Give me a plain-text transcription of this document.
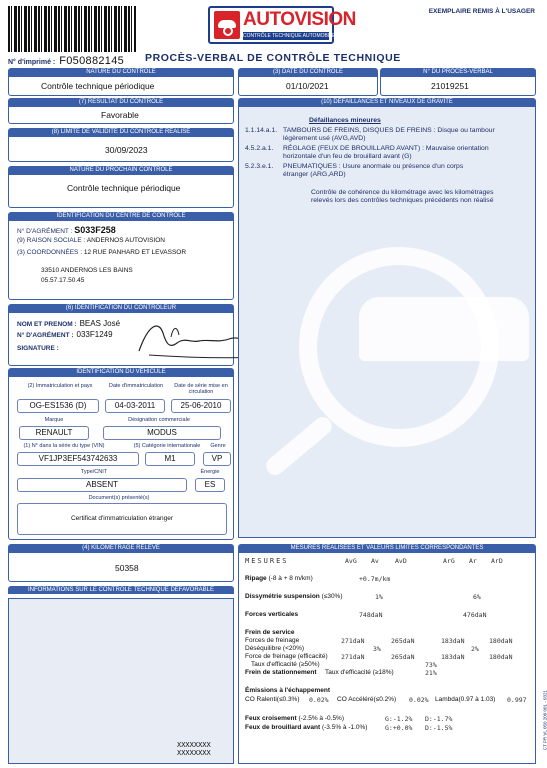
N° d'imprimé : F050882145
AUTOVISION
CONTRÔLE TECHNIQUE AUTOMOBILE
EXEMPLAIRE REMIS À L'USAGER
PROCÈS-VERBAL DE CONTRÔLE TECHNIQUE
NATURE DU CONTRÔLE
Contrôle technique périodique
(3) DATE DU CONTRÔLE
01/10/2021
N° DU PROCÈS-VERBAL
21019251
(7) RÉSULTAT DU CONTRÔLE
Favorable
(8) LIMITE DE VALIDITÉ DU CONTRÔLE RÉALISÉ
30/09/2023
NATURE DU PROCHAIN CONTRÔLE
Contrôle technique périodique
IDENTIFICATION DU CENTRE DE CONTRÔLE
N° D'AGRÉMENT : S033F258
(9) RAISON SOCIALE : ANDERNOS AUTOVISION
(3) COORDONNÉES : 12 RUE PANHARD ET LEVASSOR
33510 ANDERNOS LES BAINS
05.57.17.50.45
(6) IDENTIFICATION DU CONTRÔLEUR
NOM ET PRENOM : BEAS José
N° D'AGRÉMENT : 033F1249
SIGNATURE :
IDENTIFICATION DU VÉHICULE
(2) Immatriculation et pays	Date d'immatriculation	Date de série mise en circulation
OG-ES1536 (D)	04-03-2011	25-06-2010
Marque	Désignation commerciale
RENAULT	MODUS
(1) N° dans la série du type (VIN)	(5) Catégorie internationale	Genre
VF1JP3EF543742633	M1	VP
Type/CNIT	Énergie
ABSENT	ES
Document(s) présenté(s)
Certificat d'immatriculation étranger
(4) KILOMÉTRAGE RELEVÉ
50358
INFORMATIONS SUR LE CONTRÔLE TECHNIQUE DÉFAVORABLE
XXXXXXXX
XXXXXXXX
(10) DÉFAILLANCES ET NIVEAUX DE GRAVITÉ
Défaillances mineures
1.1.14.a.1. TAMBOURS DE FREINS, DISQUES DE FREINS : Disque ou tambour
légèrement usé (AVG,AVD)
4.5.2.a.1. RÉGLAGE (FEUX DE BROUILLARD AVANT) : Mauvaise orientation
horizontale d'un feu de brouillard avant (G)
5.2.3.e.1. PNEUMATIQUES : Usure anormale ou présence d'un corps
étranger (ARG,ARD)
Contrôle de cohérence du kilométrage avec les kilométrages
relevés lors des contrôles techniques précédents non réalisé
MESURES RÉALISÉES ET VALEURS LIMITES CORRESPONDANTES
MESURES	AvG Av AvD	ArG Ar ArD
Ripage (-8 à + 8 m/km)	+0.7m/km
Dissymétrie suspension (≤30%)	1%	6%
Forces verticales	748daN	476daN
Frein de service
Forces de freinage	271daN	265daN	183daN	180daN
Déséquilibre (<20%)	3%	2%
Force de freinage (efficacité) 271daN	265daN	183daN	180daN
Taux d'efficacité (≥50%)	73%
Frein de stationnement Taux d'efficacité (≥18%)	21%
Émissions à l'échappement
CO Ralenti(≤0.3%) 0.02% CO Accéléré(≤0.2%) 0.02% Lambda(0.97 à 1.03) 0.997
Feux croisement (-2.5% à -0.5%)	G:-1.2% D:-1.7%
Feux de brouillard avant (-3.5% à -1.0%)	G:+0.0% D:-1.5%	CT PR VL 050 200 001 - 0321
